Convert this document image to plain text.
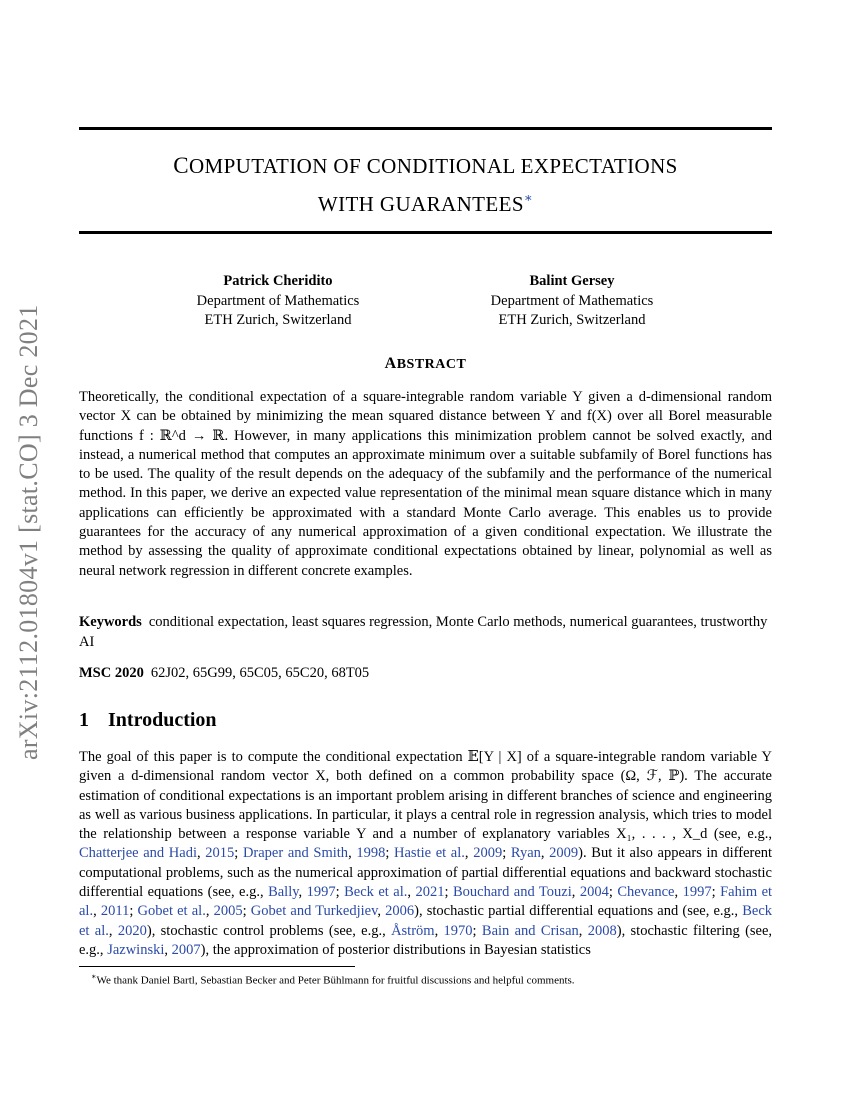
arXiv:2112.01804v1 [stat.CO] 3 Dec 2021
COMPUTATION OF CONDITIONAL EXPECTATIONS
WITH GUARANTEES∗
Patrick Cheridito
Department of Mathematics
ETH Zurich, Switzerland
Balint Gersey
Department of Mathematics
ETH Zurich, Switzerland
ABSTRACT

Theoretically, the conditional expectation of a square-integrable random variable Y given a d-dimensional random vector X can be obtained by minimizing the mean squared distance between Y and f(X) over all Borel measurable functions f : ℝ^d → ℝ. However, in many applications this minimization problem cannot be solved exactly, and instead, a numerical method that computes an approximate minimum over a suitable subfamily of Borel functions has to be used. The quality of the result depends on the adequacy of the subfamily and the performance of the numerical method. In this paper, we derive an expected value representation of the minimal mean square distance which in many applications can efficiently be approximated with a standard Monte Carlo average. This enables us to provide guarantees for the accuracy of any numerical approximation of a given conditional expectation. We illustrate the method by assessing the quality of approximate conditional expectations obtained by linear, polynomial as well as neural network regression in different concrete examples.

Keywords conditional expectation, least squares regression, Monte Carlo methods, numerical guarantees, trustworthy AI

MSC 2020 62J02, 65G99, 65C05, 65C20, 68T05

1 Introduction

The goal of this paper is to compute the conditional expectation 𝔼[Y | X] of a square-integrable random variable Y given a d-dimensional random vector X, both defined on a common probability space (Ω, ℱ, ℙ). The accurate estimation of conditional expectations is an important problem arising in different branches of science and engineering as well as various business applications. In particular, it plays a central role in regression analysis, which tries to model the relationship between a response variable Y and a number of explanatory variables X₁, . . . , X_d (see, e.g., Chatterjee and Hadi, 2015; Draper and Smith, 1998; Hastie et al., 2009; Ryan, 2009). But it also appears in different computational problems, such as the numerical approximation of partial differential equations and backward stochastic differential equations (see, e.g., Bally, 1997; Beck et al., 2021; Bouchard and Touzi, 2004; Chevance, 1997; Fahim et al., 2011; Gobet et al., 2005; Gobet and Turkedjiev, 2006), stochastic partial differential equations and (see, e.g., Beck et al., 2020), stochastic control problems (see, e.g., Åström, 1970; Bain and Crisan, 2008), stochastic filtering (see, e.g., Jazwinski, 2007), the approximation of posterior distributions in Bayesian statistics

∗We thank Daniel Bartl, Sebastian Becker and Peter Bühlmann for fruitful discussions and helpful comments.
